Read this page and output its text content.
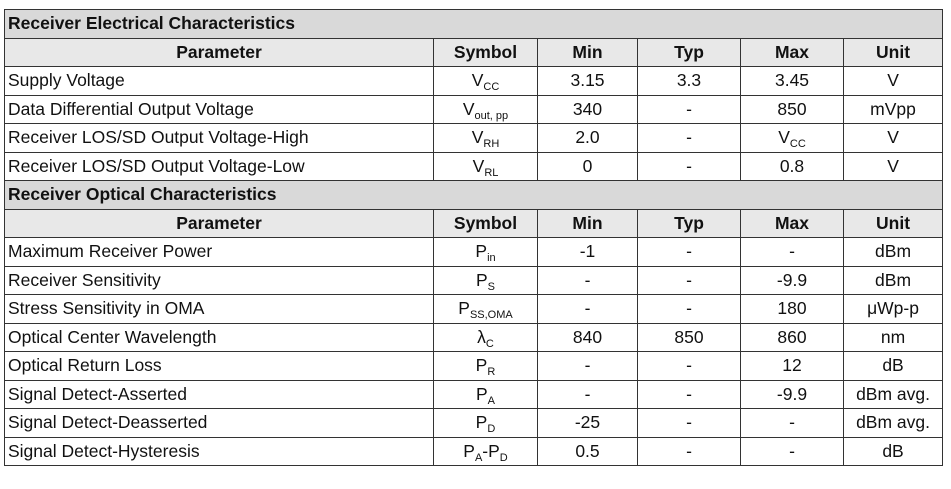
Receiver Electrical Characteristics					
Parameter	Symbol	Min	Typ	Max	Unit
Supply Voltage	$V_{CC}$	3.15	3.3	3.45	V
Data Differential Output Voltage	$V_{out, pp}$	340	-	850	mVpp
Receiver LOS/SD Output Voltage-High	$V_{RH}$	2.0	-	$V_{CC}$	V
Receiver LOS/SD Output Voltage-Low	$V_{RL}$	0	-	0.8	V
Receiver Optical Characteristics					
Parameter	Symbol	Min	Typ	Max	Unit
Maximum Receiver Power	$P_{in}$	-1	-	-	dBm
Receiver Sensitivity	$P_S$	-	-	-9.9	dBm
Stress Sensitivity in OMA	$P_{SS,OMA}$	-	-	180	μWp-p
Optical Center Wavelength	$\lambda_C$	840	850	860	nm
Optical Return Loss	$P_R$	-	-	12	dB
Signal Detect-Asserted	$P_A$	-	-	-9.9	dBm avg.
Signal Detect-Deasserted	$P_D$	-25	-	-	dBm avg.
Signal Detect-Hysteresis	$P_A-P_D$	0.5	-	-	dB
